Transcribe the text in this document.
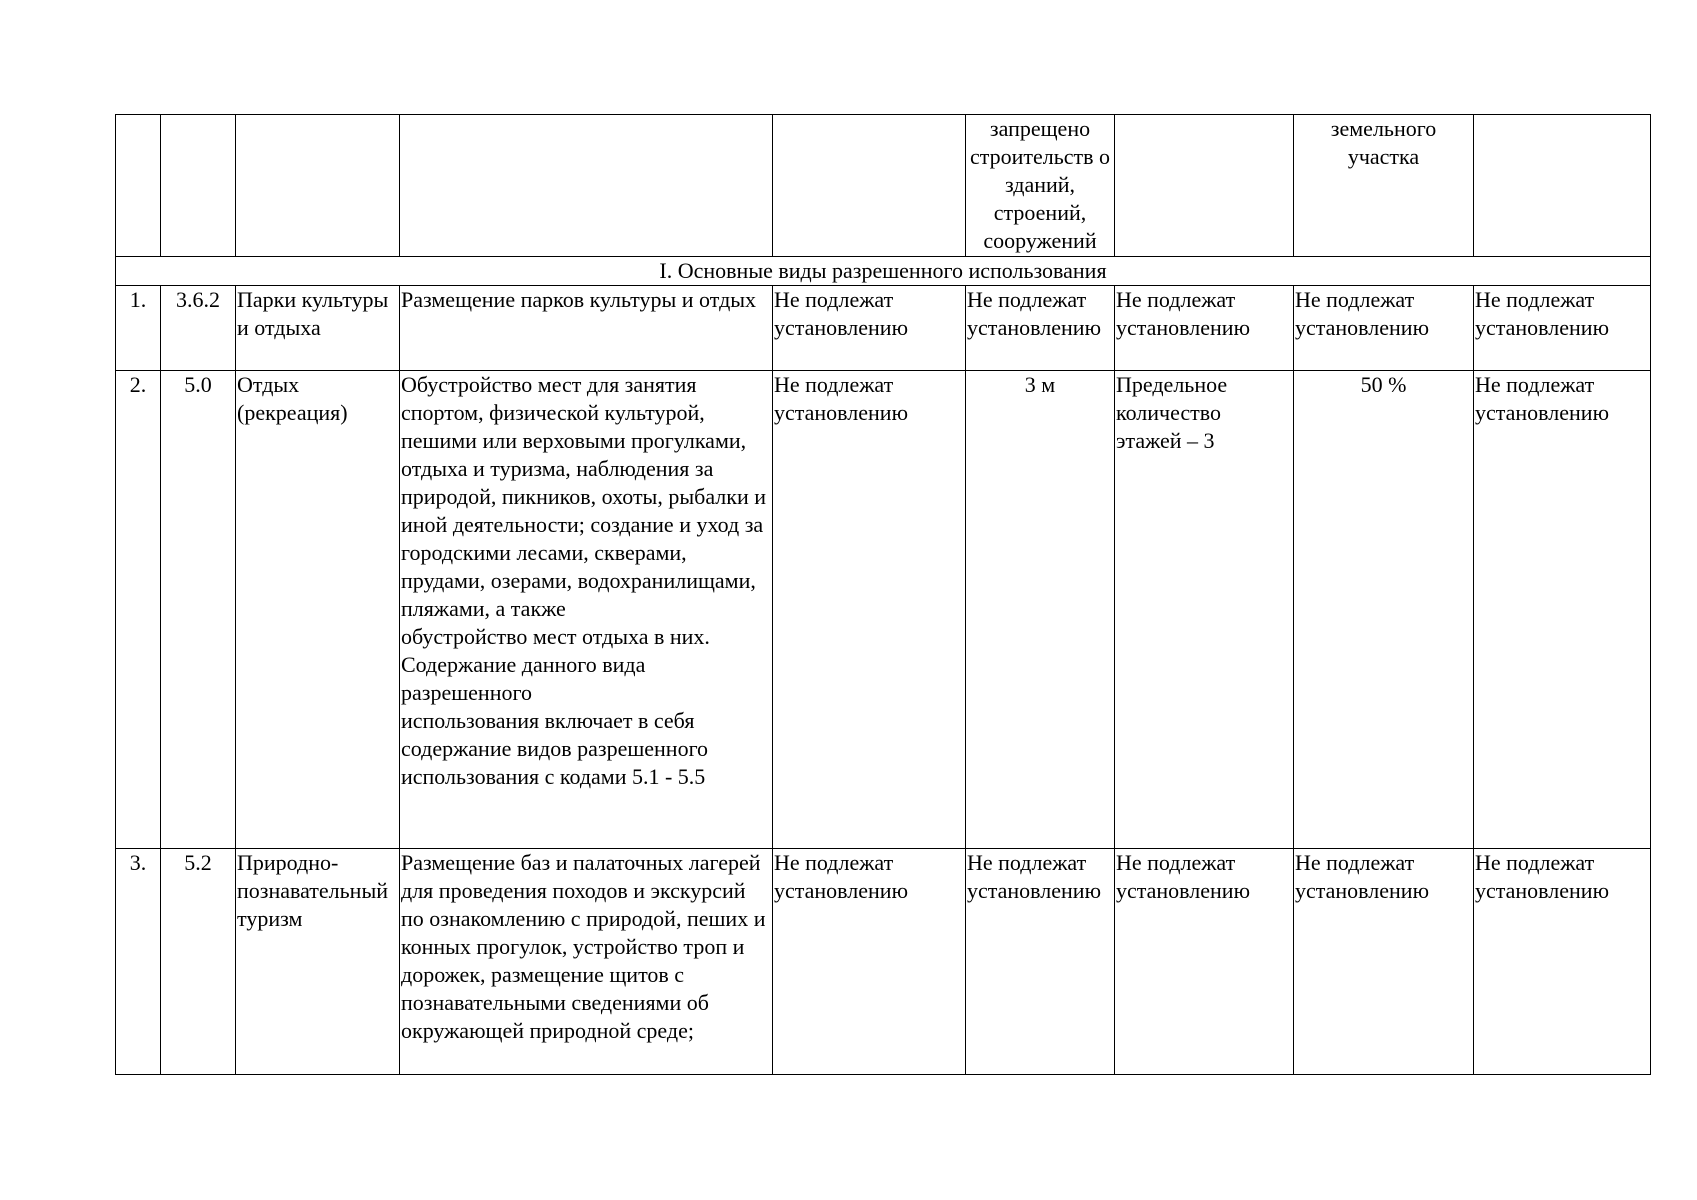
					запрещено строительств о зданий, строений, сооружений		земельного участка	
I. Основные виды разрешенного использования								
1.	3.6.2	Парки культуры и отдыха	Размещение парков культуры и отдых	Не подлежат установлению	Не подлежат установлению	Не подлежат установлению	Не подлежат установлению	Не подлежат установлению
2.	5.0	Отдых (рекреация)	Обустройство мест для занятия спортом, физической культурой, пешими или верховыми прогулками, отдыха и туризма, наблюдения за природой, пикников, охоты, рыбалки и иной деятельности; создание и уход за городскими лесами, скверами, прудами, озерами, водохранилищами, пляжами, а также
обустройство мест отдыха в них. Содержание данного вида разрешенного
использования включает в себя содержание видов разрешенного использования с кодами 5.1 - 5.5	Не подлежат установлению	3 м	Предельное количество этажей – 3	50 %	Не подлежат установлению
3.	5.2	Природно-познавательный туризм	Размещение баз и палаточных лагерей для проведения походов и экскурсий по ознакомлению с природой, пеших и конных прогулок, устройство троп и дорожек, размещение щитов с познавательными сведениями об окружающей природной среде;	Не подлежат установлению	Не подлежат установлению	Не подлежат установлению	Не подлежат установлению	Не подлежат установлению
